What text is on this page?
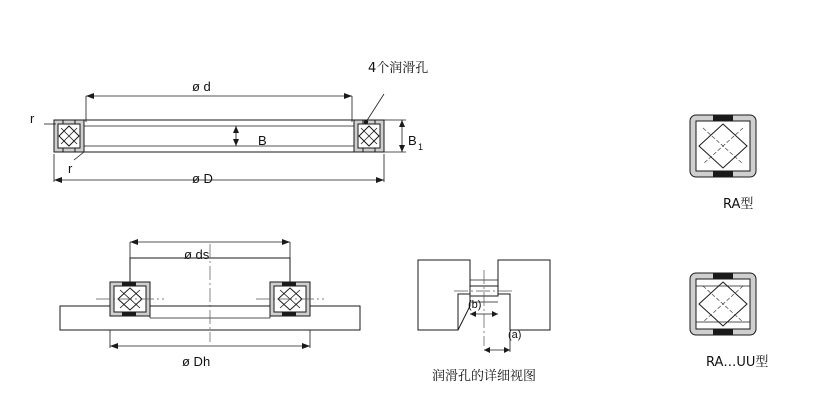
4个润滑孔
ø d
ø D
B	B 1
r
r
ø ds
ø Dh
(b)
(a)
润滑孔的详细视图
RA型
RA…UU型
